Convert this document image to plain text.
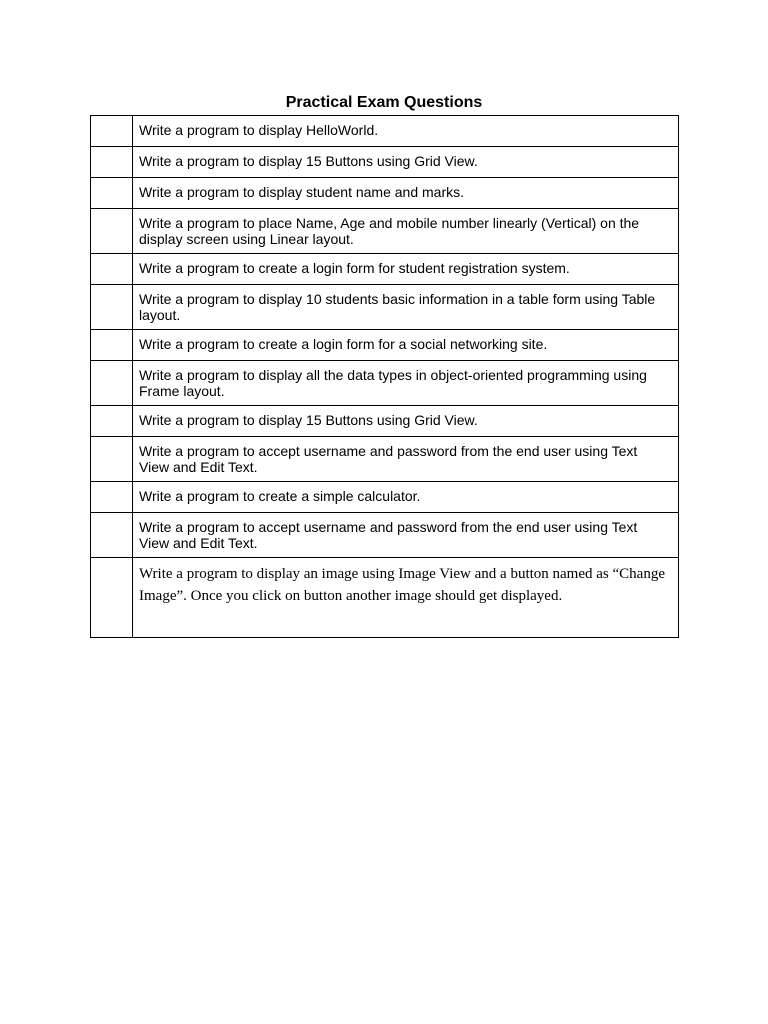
Practical Exam Questions
	Write a program to display HelloWorld.
	Write a program to display 15 Buttons using Grid View.
	Write a program to display student name and marks.
	Write a program to place Name, Age and mobile number linearly (Vertical) on the display screen using Linear layout.
	Write a program to create a login form for student registration system.
	Write a program to display 10 students basic information in a table form using Table layout.
	Write a program to create a login form for a social networking site.
	Write a program to display all the data types in object-oriented programming using Frame layout.
	Write a program to display 15 Buttons using Grid View.
	Write a program to accept username and password from the end user using Text View and Edit Text.
	Write a program to create a simple calculator.
	Write a program to accept username and password from the end user using Text View and Edit Text.
	Write a program to display an image using Image View and a button named as “Change Image”. Once you click on button another image should get displayed.
